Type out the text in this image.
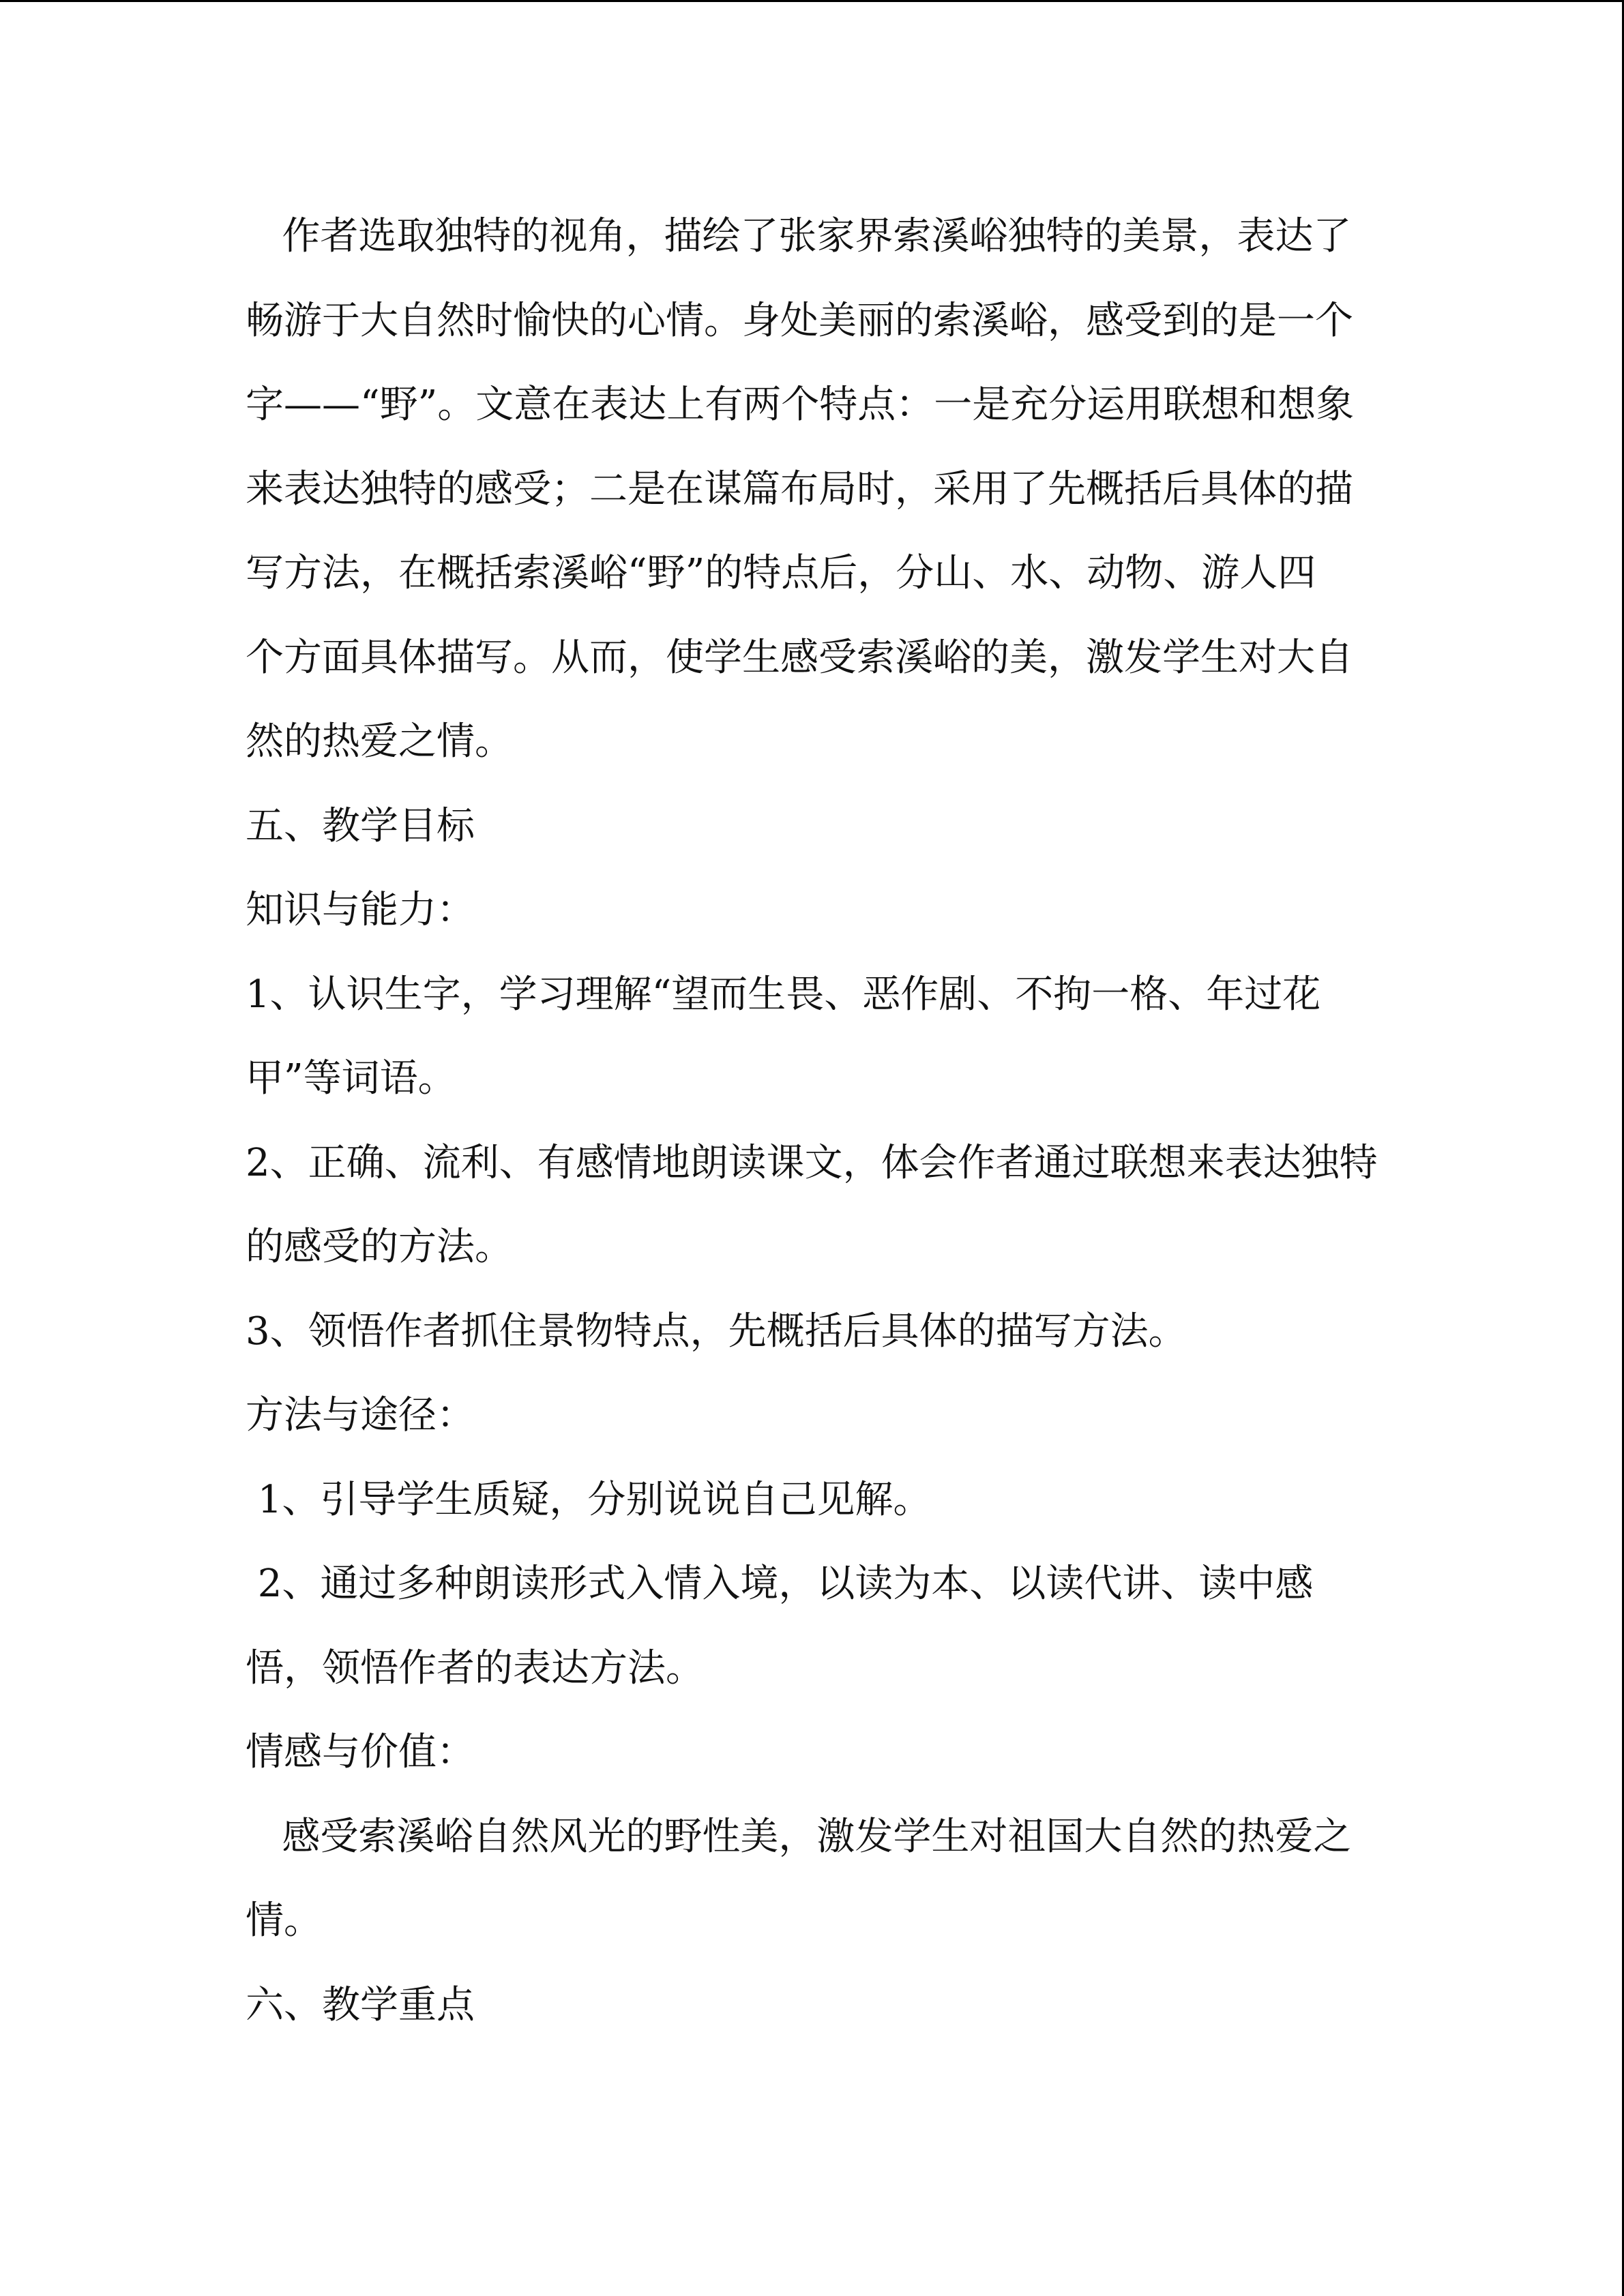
作者选取独特的视角，描绘了张家界索溪峪独特的美景，表达了
畅游于大自然时愉快的心情。身处美丽的索溪峪，感受到的是一个
字——“野”。文意在表达上有两个特点：一是充分运用联想和想象
来表达独特的感受；二是在谋篇布局时，采用了先概括后具体的描
写方法，在概括索溪峪“野”的特点后，分山、水、动物、游人四
个方面具体描写。从而，使学生感受索溪峪的美，激发学生对大自
然的热爱之情。
五、教学目标
知识与能力：
1、认识生字，学习理解“望而生畏、恶作剧、不拘一格、年过花
甲”等词语。
2、正确、流利、有感情地朗读课文，体会作者通过联想来表达独特
的感受的方法。
3、领悟作者抓住景物特点，先概括后具体的描写方法。
方法与途径：
1、引导学生质疑，分别说说自己见解。
2、通过多种朗读形式入情入境，以读为本、以读代讲、读中感
悟，领悟作者的表达方法。
情感与价值：
感受索溪峪自然风光的野性美，激发学生对祖国大自然的热爱之
情。
六、教学重点
